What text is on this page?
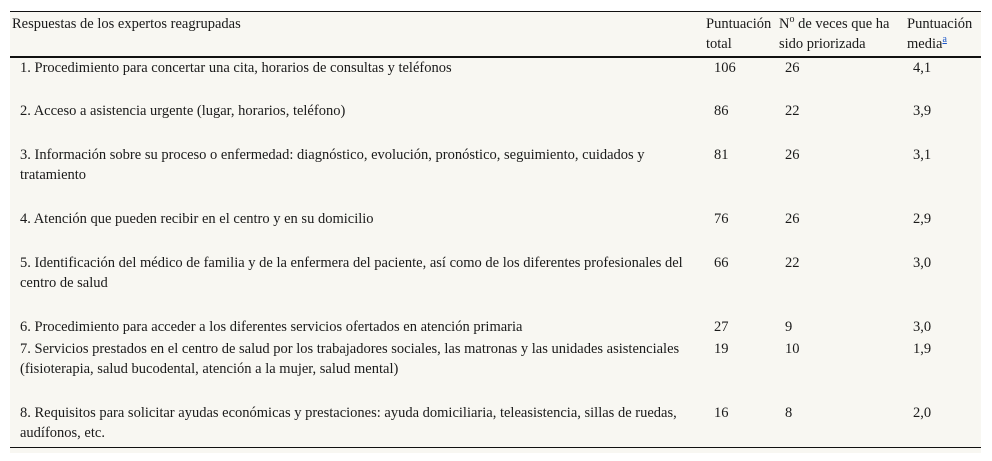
Respuestas de los expertos reagrupadas	Puntuación total	$N^o$ de veces que ha sido priorizada	Puntuación media$^a$
1. Procedimiento para concertar una cita, horarios de consultas y teléfonos	106	26	4,1
2. Acceso a asistencia urgente (lugar, horarios, teléfono)	86	22	3,9
3. Información sobre su proceso o enfermedad: diagnóstico, evolución, pronóstico, seguimiento, cuidados y tratamiento	81	26	3,1
4. Atención que pueden recibir en el centro y en su domicilio	76	26	2,9
5. Identificación del médico de familia y de la enfermera del paciente, así como de los diferentes profesionales del centro de salud	66	22	3,0
6. Procedimiento para acceder a los diferentes servicios ofertados en atención primaria	27	9	3,0
7. Servicios prestados en el centro de salud por los trabajadores sociales, las matronas y las unidades asistenciales (fisioterapia, salud bucodental, atención a la mujer, salud mental)	19	10	1,9
8. Requisitos para solicitar ayudas económicas y prestaciones: ayuda domiciliaria, teleasistencia, sillas de ruedas, audífonos, etc.	16	8	2,0
